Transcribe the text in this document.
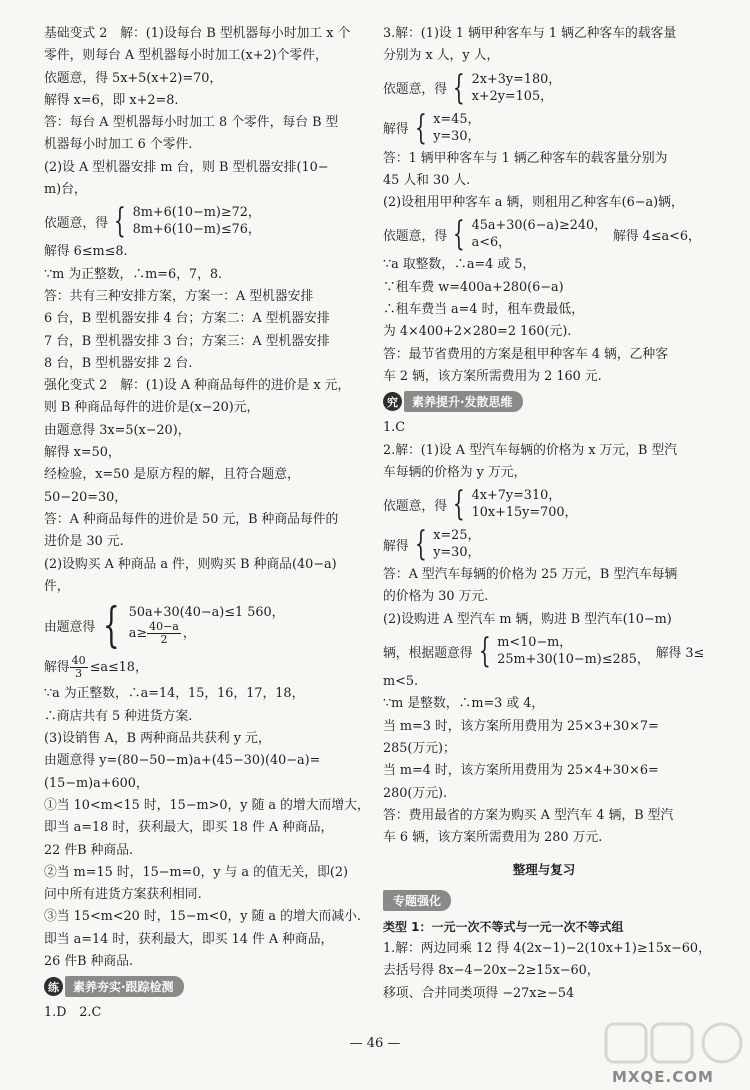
基础变式 2　解：(1)设每台 B 型机器每小时加工 x 个
零件，则每台 A 型机器每小时加工(x+2)个零件，
依题意，得 5x+5(x+2)=70，
解得 x=6，即 x+2=8.
答：每台 A 型机器每小时加工 8 个零件，每台 B 型
机器每小时加工 6 个零件.
(2)设 A 型机器安排 m 台，则 B 型机器安排(10−
m)台，
依题意，得 { 8m+6(10−m)≥72，
8m+6(10−m)≤76，
解得 6≤m≤8.
∵m 为正整数，∴m=6，7，8.
答：共有三种安排方案，方案一：A 型机器安排
6 台，B 型机器安排 4 台；方案二：A 型机器安排
7 台，B 型机器安排 3 台；方案三：A 型机器安排
8 台，B 型机器安排 2 台.
强化变式 2　解：(1)设 A 种商品每件的进价是 x 元，
则 B 种商品每件的进价是(x−20)元，
由题意得 3x=5(x−20)，
解得 x=50，
经检验，x=50 是原方程的解，且符合题意，
50−20=30，
答：A 种商品每件的进价是 50 元，B 种商品每件的
进价是 30 元.
(2)设购买 A 种商品 a 件，则购买 B 种商品(40−a)
件，
由题意得 { 50a+30(40−a)≤1 560，
$a\ge \frac{40-a}{2}$ ，
解得 $\frac{40}{3} \le a\le 18$，
∵a 为正整数，∴a=14，15，16，17，18，
∴商店共有 5 种进货方案.
(3)设销售 A，B 两种商品共获利 y 元，
由题意得 y=(80−50−m)a+(45−30)(40−a)=
(15−m)a+600，
①当 10<m<15 时，15−m>0，y 随 a 的增大而增大，
即当 a=18 时，获利最大，即买 18 件 A 种商品，
22 件B 种商品.
②当 m=15 时，15−m=0，y 与 a 的值无关，即(2)
问中所有进货方案获利相同.
③当 15<m<20 时，15−m<0，y 随 a 的增大而减小.
即当 a=14 时，获利最大，即买 14 件 A 种商品，
26 件B 种商品.
练	素养夯实·跟踪检测
1.D　2.C
3.解：(1)设 1 辆甲种客车与 1 辆乙种客车的载客量
分别为 x 人，y 人，
依题意，得 { 2x+3y=180，
x+2y=105，
解得 { x=45，
y=30，
答：1 辆甲种客车与 1 辆乙种客车的载客量分别为
45 人和 30 人.
(2)设租用甲种客车 a 辆，则租用乙种客车(6−a)辆，
依题意，得 { 45a+30(6−a)≥240，
a<6，	解得 4≤a<6，
∵a 取整数，∴a=4 或 5，
∵租车费 w=400a+280(6−a)
∴租车费当 a=4 时，租车费最低，
为 4×400+2×280=2 160(元).
答：最节省费用的方案是租甲种客车 4 辆，乙种客
车 2 辆，该方案所需费用为 2 160 元.
究	素养提升·发散思维
1.C
2.解：(1)设 A 型汽车每辆的价格为 x 万元，B 型汽
车每辆的价格为 y 万元，
依题意，得 { 4x+7y=310，
10x+15y=700，
解得 { x=25，
y=30，
答：A 型汽车每辆的价格为 25 万元，B 型汽车每辆
的价格为 30 万元.
(2)设购进 A 型汽车 m 辆，购进 B 型汽车(10−m)
辆，根据题意得 { m<10−m，
25m+30(10−m)≤285， 解得 3≤
m<5.
∵m 是整数，∴m=3 或 4，
当 m=3 时，该方案所用费用为 25×3+30×7=
285(万元)；
当 m=4 时，该方案所用费用为 25×4+30×6=
280(万元).
答：费用最省的方案为购买 A 型汽车 4 辆，B 型汽
车 6 辆，该方案所需费用为 280 万元.
整理与复习
专题强化
类型 1：一元一次不等式与一元一次不等式组
1.解：两边同乘 12 得 4(2x−1)−2(10x+1)≥15x−60，
去括号得 8x−4−20x−2≥15x−60，
移项、合并同类项得 −27x≥−54
— 46 —
MXQE.COM
